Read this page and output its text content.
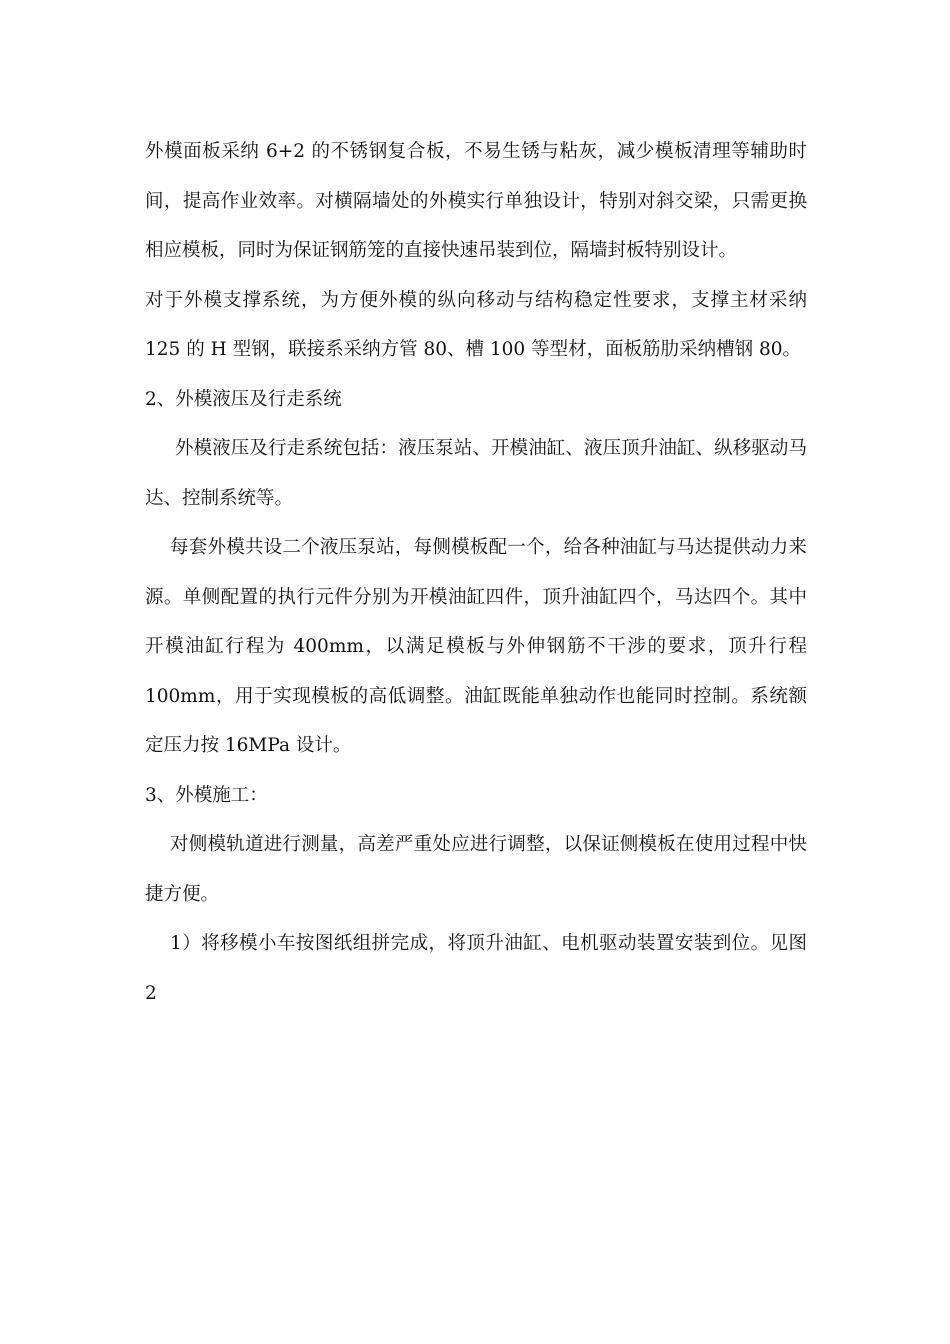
外模面板采纳 6+2 的不锈钢复合板，不易生锈与粘灰，减少模板清理等辅助时间，提高作业效率。对横隔墙处的外模实行单独设计，特别对斜交梁，只需更换相应模板，同时为保证钢筋笼的直接快速吊装到位，隔墙封板特别设计。

对于外模支撑系统，为方便外模的纵向移动与结构稳定性要求，支撑主材采纳 125 的 H 型钢，联接系采纳方管 80、槽 100 等型材，面板筋肋采纳槽钢 80。

2、外模液压及行走系统

外模液压及行走系统包括：液压泵站、开模油缸、液压顶升油缸、纵移驱动马达、控制系统等。

每套外模共设二个液压泵站，每侧模板配一个，给各种油缸与马达提供动力来源。单侧配置的执行元件分别为开模油缸四件，顶升油缸四个，马达四个。其中开模油缸行程为 400mm，以满足模板与外伸钢筋不干涉的要求，顶升行程 100mm，用于实现模板的高低调整。油缸既能单独动作也能同时控制。系统额定压力按 16MPa 设计。

3、外模施工：

对侧模轨道进行测量，高差严重处应进行调整，以保证侧模板在使用过程中快捷方便。

1）将移模小车按图纸组拼完成，将顶升油缸、电机驱动装置安装到位。见图 2
